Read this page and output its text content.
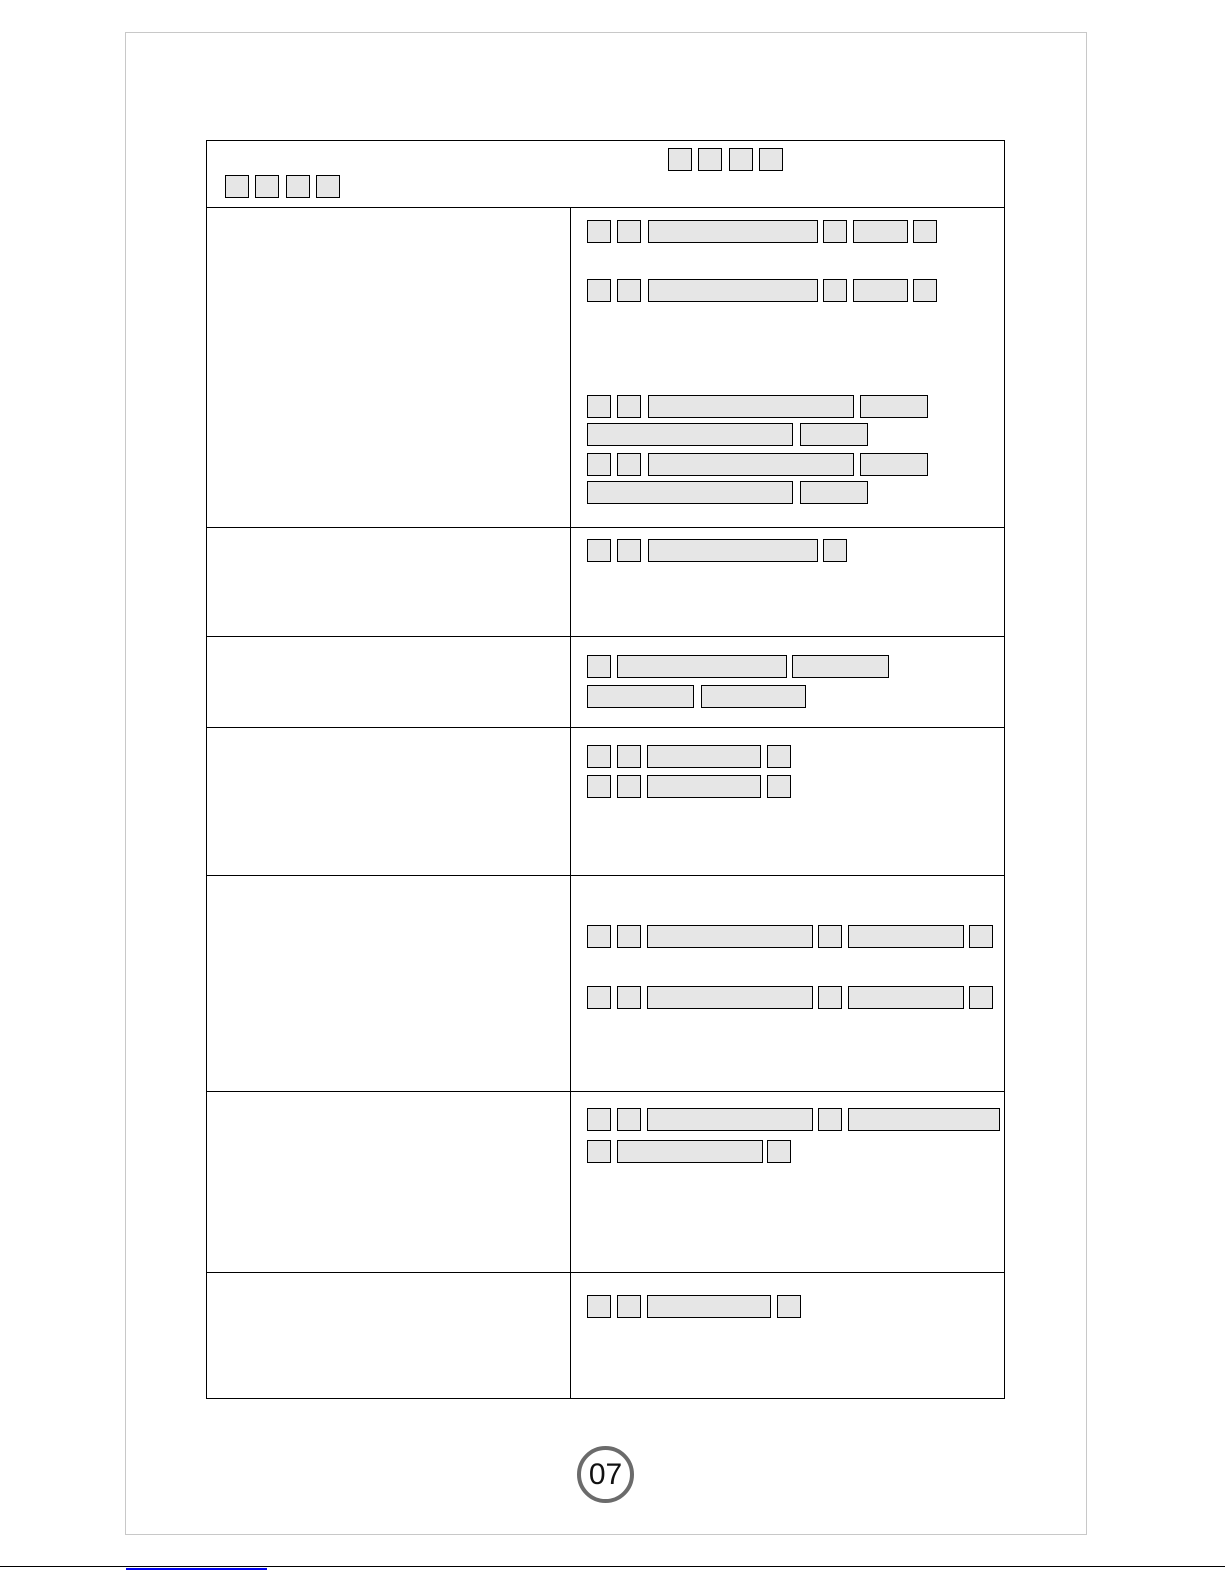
07
